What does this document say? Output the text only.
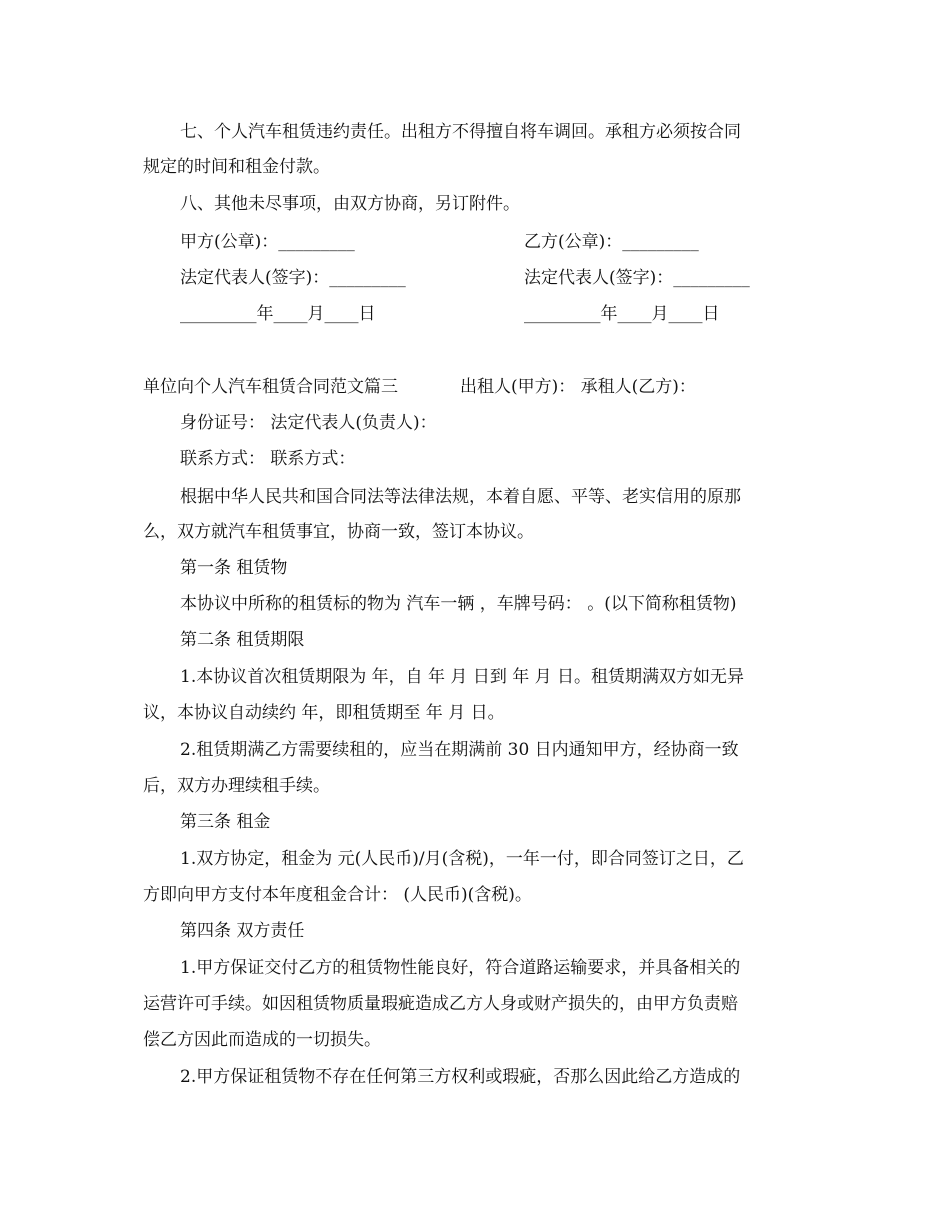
七、个人汽车租赁违约责任。出租方不得擅自将车调回。承租方必须按合同
规定的时间和租金付款。
八、其他未尽事项，由双方协商，另订附件。
甲方(公章)：_________	乙方(公章)：_________
法定代表人(签字)：_________	法定代表人(签字)：_________
_________年____月____日	_________年____月____日
单位向个人汽车租赁合同范文篇三	出租人(甲方)： 承租人(乙方)：
身份证号： 法定代表人(负责人)：
联系方式： 联系方式：
根据中华人民共和国合同法等法律法规，本着自愿、平等、老实信用的原那
么，双方就汽车租赁事宜，协商一致，签订本协议。
第一条 租赁物
本协议中所称的租赁标的物为 汽车一辆 ，车牌号码： 。(以下简称租赁物)
第二条 租赁期限
1.本协议首次租赁期限为 年，自 年 月 日到 年 月 日。租赁期满双方如无异
议，本协议自动续约 年，即租赁期至 年 月 日。
2.租赁期满乙方需要续租的，应当在期满前 30 日内通知甲方，经协商一致
后，双方办理续租手续。
第三条 租金
1.双方协定，租金为 元(人民币)/月(含税)，一年一付，即合同签订之日，乙
方即向甲方支付本年度租金合计： (人民币)(含税)。
第四条 双方责任
1.甲方保证交付乙方的租赁物性能良好，符合道路运输要求，并具备相关的
运营许可手续。如因租赁物质量瑕疵造成乙方人身或财产损失的，由甲方负责赔
偿乙方因此而造成的一切损失。
2.甲方保证租赁物不存在任何第三方权利或瑕疵，否那么因此给乙方造成的
